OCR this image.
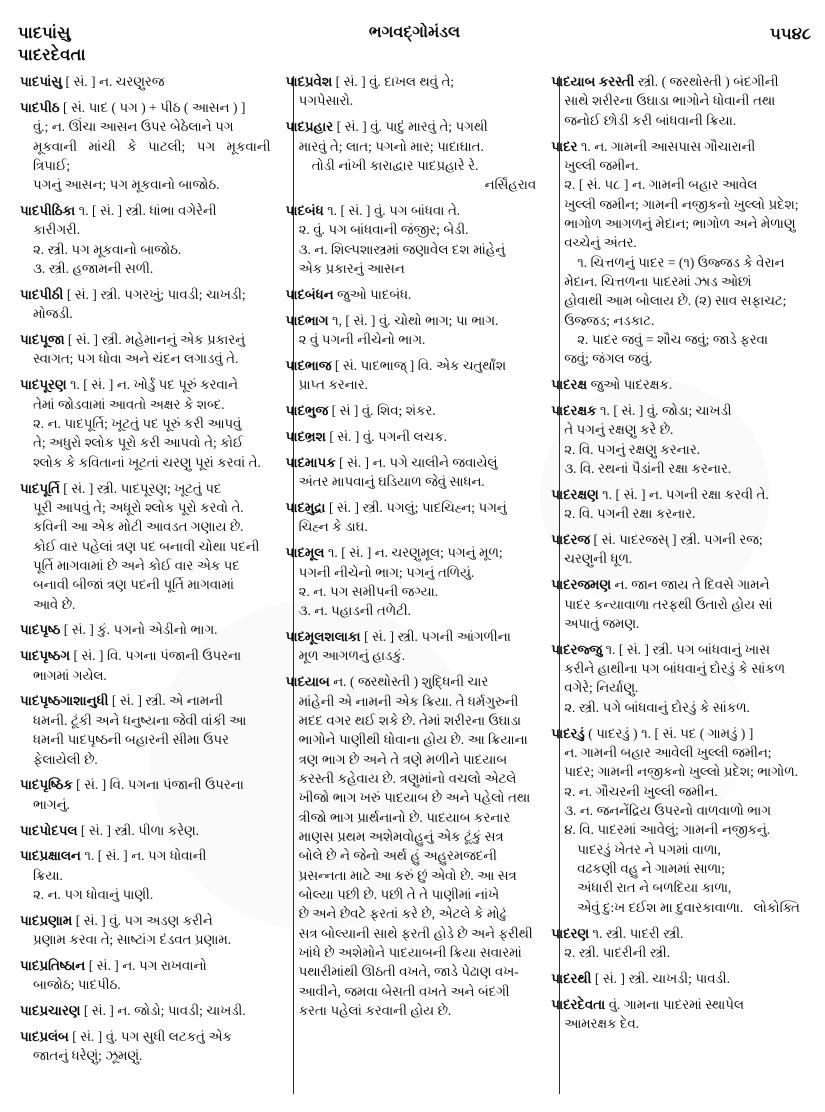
પાદપાંસુ
પાદરદેવતા
ભગવદ્ગોમંડલ	૫૫૪૮
પાદપાંસુ [ સં. ] ન. ચરણુરજ
પાદપીઠ [ સં. પાદ ( પગ ) + પીઠ ( આસન ) ]
વું.; ન. ઊંચા આસન ઉપર બેઠેલાને પગ
મૂકવાની માંચી કે પાટલી; પગ મૂકવાની ત્રિપાઈ;
પગનું આસન; પગ મૂકવાનો બાજોઠ.
પાદપીઠિકા ૧. [ સં. ] સ્ત્રી. ધાંભા વગેરેની
કારીગરી.
૨. સ્ત્રી. પગ મૂકવાનો બાજોઠ.
૩. સ્ત્રી. હજામની સળી.
પાદપીઠી [ સં. ] સ્ત્રી. પગરખું; પાવડી; ચાખડી;
મોજડી.
પાદપૂજા [ સં. ] સ્ત્રી. મહેમાનનું એક પ્રકારનું
સ્વાગત; પગ ધોવા અને ચંદન લગાડવું તે.
પાદપૂરણ ૧. [ સં. ] ન. ખોર્ડું પદ પૂરું કરવાને
તેમાં જોડવામાં આવતો અક્ષર કે શબ્દ.
૨. ન. પાદપૂર્તિ; ખૂટતું પદ પૂરું કરી આપવું
તે; અધુરો શ્લોક પૂરો કરી આપવો તે; કોઈ
શ્લોક કે કવિતાનાં ખૂટતાં ચરણુ પૂરાં કરવાં તે.
પાદપૂર્તિ [ સં. ] સ્ત્રી. પાદપૂરણ; ખૂટતું પદ
પૂરી આપવું તે; અધૂરો શ્લોક પૂરો કરવો તે.
કવિની આ એક મોટી આવડત ગણાય છે.
કોઈ વાર પહેલાં ત્રણ પદ બનાવી ચોથા પદની
પૂર્તિ માગવામાં છે અને કોઈ વાર એક પદ
બનાવી બીજાં ત્રણ પદની પૂર્તિ માગવામાં
આવે છે.
પાદપૃષ્ઠ [ સં. ] કું. પગનો એડીનો ભાગ.
પાદપૃષ્ઠગ [ સં. ] વિ. પગના પંજાની ઉપરના
ભાગમાં ગયેલ.
પાદપૃષ્ઠગાશાનુધી [ સં. ] સ્ત્રી. એ નામની
ધમની. ટૂંકી અને ધનુષ્યના જેવી વાંકી આ
ધમની પાદપૃષ્ઠની બહારની સીમા ઉપર
ફેલાયેલી છે.
પાદપૃષ્ઠિક [ સં. ] વિ. પગના પંજાની ઉપરના
ભાગનું.
પાદપોદપલ [ સં. ] સ્ત્રી. પીળા કરેણ.
પાદપ્રક્ષાલન ૧. [ સં. ] ન. પગ ધોવાની
ક્રિયા.
૨. ન. પગ ધોવાનું પાણી.
પાદપ્રણામ [ સં. ] વું. પગ અડણ કરીને
પ્રણામ કરવા તે; સાષ્ટાંગ દંડવત પ્રણામ.
પાદપ્રતિષ્ઠાન [ સં. ] ન. પગ રાખવાનો
બાજોઠ; પાદપીઠ.
પાદપ્રચારણ [ સં. ] ન. જોડો; પાવડી; ચાખડી.
પાદપ્રલંબ [ સં. ] વું. પગ સુધી લટકતું એક
જાતનું ધરેણું; ઝૂમણું.
પાદપ્રવેશ [ સં. ] વું. દાખલ થવું તે;
પગપેસારો.
પાદપ્રહાર [ સં. ] વું. પાદું મારવું તે; પગથી
મારવું તે; લાત; પગનો માર; પાદાઘાત.
તોડી નાંખી કારાદ્વાર પાદપ્રહારે રે.
નર્સિંહરાવ
પાદબંધ ૧. [ સં. ] વું. પગ બાંધવા તે.
૨. વું. પગ બાંધવાની જંજીર; બેડી.
૩. ન. શિલ્પશાસ્ત્રમાં જણાવેલ દશ માંહેનું
એક પ્રકારનું આસન
પાદબંધન જુઓ પાદબંધ.
પાદભાગ ૧, [ સં. ] વું. ચોથો ભાગ; પા ભાગ.
૨ વું પગની નીચેનો ભાગ.
પાદભાજ [ સં. પાદભાજ્ ] વિ. એક ચતુર્થાંશ
પ્રાપ્ત કરનાર.
પાદભુજ [ સં ] વું. શિવ; શંકર.
પાદભ્રશ [ સં. ] વું. પગની લચક.
પાદમાપક [ સં. ] ન. પગે ચાલીને જવાયેલું
અંતર માપવાનું ઘડિયાળ જેવું સાધન.
પાદમુદ્રા [ સં. ] સ્ત્રી. પગલું; પાદચિહ્ન; પગનું
ચિહ્ન કે ડાઘ.
પાદમૂલ ૧. [ સં. ] ન. ચરણુમૂલ; પગનું મૂળ;
પગની નીચેનો ભાગ; પગનું તળિયું.
૨. ન. પગ સમીપની જગ્યા.
૩. ન. પહાડની તળેટી.
પાદમૂલશલાકા [ સં. ] સ્ત્રી. પગની આંગળીના
મૂળ આગળનું હાડકું.
પાદયાબ ન. ( જરથોસ્તી ) શુદ્ધિની ચાર
માંહેની એ નામની એક ક્રિયા. તે ધર્મગુરુની
મદદ વગર થઈ શકે છે. તેમાં શરીરના ઉઘાડા
ભાગોને પાણીથી ધોવાના હોય છે. આ ક્રિયાના
ત્રણ ભાગ છે અને તે ત્રણે મળીને પાદયાબ
કરસ્તી કહેવાય છે. ત્રણુમાંનો વચલો એટલે
ખીજો ભાગ ખરું પાદયાબ છે અને પહેલો તથા
ત્રીજો ભાગ પ્રાર્થનાનો છે. પાદયાબ કરનાર
માણસ પ્રથમ અશેમવોહુનું એક ટૂંકું સત્ર
બોલે છે ને જેનો અર્થ હું અહુરમજદની
પ્રસન્નતા માટે આ કરું છું એવો છે. આ સત્ર
બોલ્યા પછી છે. પછી તે તે પાણીમાં નાંખે
છે અને છેવટે ફરતાં કરે છે, એટલે કે મોઢું
સત્ર બોલ્યાની સાથે ફરતી હોડે છે અને ફરીથી
ખાંધે છે અશેમોને પાદયાબની ક્રિયા સવારમાં
પથારીમાંથી ઊઠતી વખતે, જાડે પેઢાણ વખ-
આવીને, જમવા બેસતી વખતે અને બંદગી
કરતા પહેલાં કરવાની હોય છે.
પાદયાબ કરસ્તી સ્ત્રી. ( જરથોસ્તી ) બંદગીની
સાથે શરીરના ઉઘાડા ભાગોને ધોવાની તથા
જનોઈ છોડી કરી બાંધવાની ક્રિયા.
પાદર ૧. ન. ગામની આસપાસ ગૌચારાની
ખુલ્લી જમીન.
૨. [ સં. ૫૮ ] ન. ગામની બહાર આવેલ
ખુલ્લી જમીન; ગામની નજીકનો ખુલ્લો પ્રદેશ;
ભાગોળ આગળનું મેદાન; ભાગોળ અને મેળાણુ
વચ્ચેનું અંતર.
૧. ચિત્તળનું પાદર = (૧) ઉજ્જડ કે વેરાન
મેદાન. ચિત્તળના પાદરમાં ઝાડ ઓછાં
હોવાથી આમ બોલાય છે. (૨) સાવ સફાચટ;
ઉજ્જડ; નડકાટ.
૨. પાદર જવું = શૌચ જવું; જાડે ફરવા
જવું; જંગલ જવું.
પાદરક્ષ જુઓ પાદરક્ષક.
પાદરક્ષક ૧. [ સં. ] વું. જોડા; ચાખડી
તે પગનું રક્ષણુ કરે છે.
૨. વિ. પગનું રક્ષણુ કરનાર.
૩. વિ. રથનાં પૈડાંની રક્ષા કરનાર.
પાદરક્ષણ ૧. [ સં. ] ન. પગની રક્ષા કરવી તે.
૨. વિ. પગની રક્ષા કરનાર.
પાદરજ [ સં. પાદરજસ્ ] સ્ત્રી. પગની રજ;
ચરણુની ધૂળ.
પાદરજમણ ન. જાન જાય તે દિવસે ગામને
પાદર કન્યાવાળા તરફથી ઉતારો હોય સાં
અપાતું જમણ.
પાદરજ્જુ ૧. [ સં. ] સ્ત્રી. પગ બાંધવાનું ખાસ
કરીને હાથીના પગ બાંધવાનું દોરડું કે સાંકળ
વગેરે; નિર્યાણુ.
૨. સ્ત્રી. પગે બાંધવાનું દોરડું કે સાંકળ.
પાદરડું ( પાદરડું ) ૧. [ સં. ૫દ ( ગામડું ) ]
ન. ગામની બહાર આવેલી ખુલ્લી જમીન;
પાદર; ગામની નજીકનો ખુલ્લો પ્રદેશ; ભાગોળ.
૨. ન. ગૌચરની ખુલ્લી જમીન.
૩. ન. જનનેંદ્રિય ઉપરનો વાળવાળો ભાગ
૪. વિ. પાદરમાં આવેલું; ગામની નજીકનું.
પાદરડું ખેતર ને પગમાં વાળા,
વઢકણી વહુ ને ગામમાં સાળા;
અંધારી રાત ને બળદિયા કાળા,
એવું દુ:ખ દઈશ મા દુવારકાવાળા. લોકોક્તિ
પાદરણ ૧. સ્ત્રી. પાદરી સ્ત્રી.
૨. સ્ત્રી. પાદરીની સ્ત્રી.
પાદરથી [ સં. ] સ્ત્રી. ચાખડી; પાવડી.
પાદરદેવતા વું. ગામના પાદરમાં સ્થાપેલ
આમરક્ષક દેવ.
